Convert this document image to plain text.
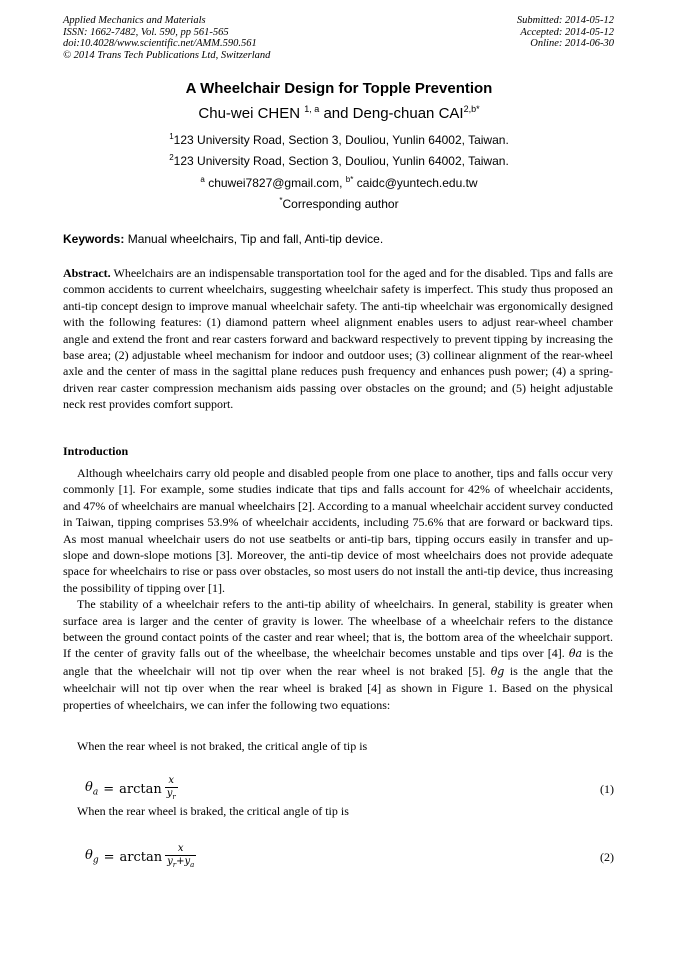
Applied Mechanics and Materials
ISSN: 1662-7482, Vol. 590, pp 561-565
doi:10.4028/www.scientific.net/AMM.590.561
© 2014 Trans Tech Publications Ltd, Switzerland
Submitted: 2014-05-12
Accepted: 2014-05-12
Online: 2014-06-30
A Wheelchair Design for Topple Prevention
Chu-wei CHEN $^{1, a}$ and Deng-chuan $CAI^{2,b*}$
$^1$123 University Road, Section 3, Douliou, Yunlin 64002, Taiwan.
$^2$123 University Road, Section 3, Douliou, Yunlin 64002, Taiwan.
$^a$ chuwei7827@gmail.com, $^{b*}$ caidc@yuntech.edu.tw
*Corresponding author
Keywords: Manual wheelchairs, Tip and fall, Anti-tip device.
Abstract. Wheelchairs are an indispensable transportation tool for the aged and for the disabled. Tips and falls are common accidents to current wheelchairs, suggesting wheelchair safety is imperfect. This study thus proposed an anti-tip concept design to improve manual wheelchair safety. The anti-tip wheelchair was ergonomically designed with the following features: (1) diamond pattern wheel alignment enables users to adjust rear-wheel chamber angle and extend the front and rear casters forward and backward respectively to prevent tipping by increasing the base area; (2) adjustable wheel mechanism for indoor and outdoor uses; (3) collinear alignment of the rear-wheel axle and the center of mass in the sagittal plane reduces push frequency and enhances push power; (4) a spring-driven rear caster compression mechanism aids passing over obstacles on the ground; and (5) height adjustable neck rest provides comfort support.
Introduction

Although wheelchairs carry old people and disabled people from one place to another, tips and falls occur very commonly [1]. For example, some studies indicate that tips and falls account for 42% of wheelchair accidents, and 47% of wheelchairs are manual wheelchairs [2]. According to a manual wheelchair accident survey conducted in Taiwan, tipping comprises 53.9% of wheelchair accidents, including 75.6% that are forward or backward tips. As most manual wheelchair users do not use seatbelts or anti-tip bars, tipping occurs easily in transfer and up-slope and down-slope motions [3]. Moreover, the anti-tip device of most wheelchairs does not provide adequate space for wheelchairs to rise or pass over obstacles, so most users do not install the anti-tip device, thus increasing the possibility of tipping over [1].

The stability of a wheelchair refers to the anti-tip ability of wheelchairs. In general, stability is greater when surface area is larger and the center of gravity is lower. The wheelbase of a wheelchair refers to the distance between the ground contact points of the caster and rear wheel; that is, the bottom area of the wheelchair support. If the center of gravity falls out of the wheelbase, the wheelchair becomes unstable and tips over [4]. θa is the angle that the wheelchair will not tip over when the rear wheel is not braked [5]. θg is the angle that the wheelchair will not tip over when the rear wheel is braked [4] as shown in Figure 1. Based on the physical properties of wheelchairs, we can infer the following two equations:

When the rear wheel is not braked, the critical angle of tip is
$\theta_a = \arctan \frac{x}{y_r}$	(1)
When the rear wheel is braked, the critical angle of tip is
$\theta_g = \arctan \frac{x}{y_r+y_a}$	(2)
